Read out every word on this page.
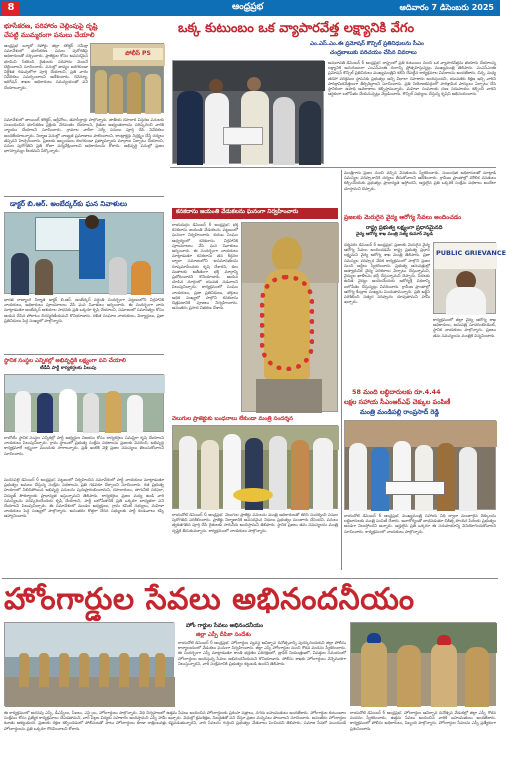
8	ఆంధ్రప్రభ	ఆదివారం 7 డిసెంబరు 2025
భూసేకరణ, పరిహారం చెల్లింపుపై దృష్టి
చేపట్టి ముమ్మరంగా పనులు చేయాలి
ఆంధ్రప్రభ బ్యూరో రిపోర్టు జిల్లా కలెక్టర్ సమీక్షా సమావేశంలో భూసేకరణ పనుల పురోగతిపై అధికారులతో చర్చించారు. ప్రాజెక్టుల కోసం అవసరమైన భూమిని సేకరించి రైతులకు పరిహారం వెంటనే చెల్లించాలని సూచించారు. పనుల్లో జాప్యం జరగకుండా నిర్దేశిత గడువులోగా పూర్తి చేయాలని, ప్రతి వారం నివేదికలు సమర్పించాలని ఆదేశించారు. రెవెన్యూ, ఇరిగేషన్ శాఖల అధికారులు సమన్వయంతో పని చేయాలన్నారు.
పోలీస్ PS
సమావేశంలో జాయింట్ కలెక్టర్, ఆర్డీవోలు, తహసీల్దార్లు పాల్గొన్నారు. జాతీయ రహదారి విస్తరణ పనులకు సంబంధించిన భూసేకరణ ప్రక్రియ వేగవంతం చేయాలని, రైతుల అభ్యంతరాలను పరిష్కరించి వారికి న్యాయం చేయాలని సూచించారు. గ్రామాల వారీగా సర్వే పనులు పూర్తి చేసి నివేదికలు అందజేయాలన్నారు. నిర్మాణ పనుల్లో నాణ్యత ప్రమాణాలు పాటించాలని, కాంట్రాక్టర్లు నిర్లక్ష్యం చేస్తే చర్యలు తప్పవని హెచ్చరించారు. ప్రజలకు ఇబ్బందులు కలగకుండా ప్రత్యామ్నాయ మార్గాలు ఏర్పాటు చేయాలని, పనుల పురోగతిని ప్రతి రోజూ పర్యవేక్షించాలని అధికారులను కోరారు. అభివృద్ధి పనుల్లో ప్రజల భాగస్వామ్యం కీలకమని పేర్కొన్నారు.
డాక్టర్ బి.ఆర్. అంబేద్కర్‌కు ఘన నివాళులు
భారత రాజ్యాంగ నిర్మాత డాక్టర్ బి.ఆర్. అంబేద్కర్ వర్ధంతి సందర్భంగా పట్టణంలోని విగ్రహానికి నాయకులు, అధికారులు పూలమాలలు వేసి ఘన నివాళులు అర్పించారు. ఈ సందర్భంగా వారు మాట్లాడుతూ అంబేద్కర్ ఆశయాల సాధనకు ప్రతి ఒక్కరూ కృషి చేయాలని, సమాజంలో సమానత్వం కోసం ఆయన చేసిన పోరాటం చిరస్మరణీయమని కొనియాడారు. దళిత సంఘాల నాయకులు, విద్యార్థులు, ప్రజా ప్రతినిధులు పెద్ద సంఖ్యలో పాల్గొన్నారు.
స్థానిక సంస్థల ఎన్నికల్లో అభివృద్ధికి లక్ష్యంగా పని చేయాలి
టీడీపీ పార్టీ కార్యకర్తలకు పిలుపు
రాబోయే స్థానిక సంస్థల ఎన్నికల్లో పార్టీ అభ్యర్థుల విజయం కోసం కార్యకర్తలు సమష్టిగా కృషి చేయాలని నాయకులు పిలుపునిచ్చారు. గ్రామ స్థాయిలో ప్రభుత్వ సంక్షేమ పథకాలను ప్రజలకు వివరించి, అభివృద్ధి కార్యక్రమాలే లక్ష్యంగా ముందుకు సాగాలన్నారు. ప్రతి ఇంటికి వెళ్లి ప్రజల సమస్యలు తెలుసుకోవాలని సూచించారు.
ఒక్క కుటుంబం ఒక వ్యాపారవేత్త లక్ష్యానికి వేగం
ఎం.ఎస్.ఎం.ఈ ప్రమోషన్ కౌన్సిల్ ప్రతినిధులను సీఎం
చంద్రబాబుకు పరిచయం చేసిన వివరాలు
అమరావతి డిసెంబర్ 6 ఆంధ్రప్రభ: రాష్ట్రంలో ప్రతి కుటుంబం నుంచి ఒక వ్యాపారవేత్తను తయారు చేయాలన్న లక్ష్యానికి అనుగుణంగా ఎంఎస్ఎంఈ రంగాన్ని ప్రోత్సహిస్తున్నట్లు ముఖ్యమంత్రి తెలిపారు. ఎంఎస్ఎంఈ ప్రమోషన్ కౌన్సిల్ ప్రతినిధులు ముఖ్యమంత్రిని కలిసి చేపట్టిన కార్యక్రమాల వివరాలను అందజేశారు. చిన్న, మధ్య తరహా పరిశ్రమల స్థాపనకు ప్రభుత్వం అన్ని విధాలా సహకారం అందిస్తుందని, యువతకు శిక్షణ ఇచ్చి వారిని పారిశ్రామికవేత్తలుగా తీర్చిదిద్దాలని సూచించారు. ప్రతి నియోజకవర్గంలో పారిశ్రామిక పార్కులు ఏర్పాటు చేసి స్థానికంగా ఉపాధి అవకాశాలు కల్పిస్తామన్నారు. మహిళా సంఘాలకు రుణ సదుపాయం కల్పించి వారిని ఆర్థికంగా బలోపేతం చేయనున్నట్లు వెల్లడించారు. కౌన్సిల్ సభ్యులు చేస్తున్న కృషిని అభినందించారు.
కనకదాసు జయంతి వేడుకలను ఘనంగా నిర్వహించారు
రాయదుర్గం డిసెంబర్ 6 ఆంధ్రప్రభ: భక్త కనకదాసు జయంతి వేడుకలను పట్టణంలో ఘనంగా నిర్వహించారు. కురుబ సంఘం ఆధ్వర్యంలో కనకదాసు విగ్రహానికి పూలమాలలు వేసి ఘన నివాళులు అర్పించారు. ఈ సందర్భంగా నాయకులు మాట్లాడుతూ కనకదాసు తన కీర్తనల ద్వారా సమాజంలోని అసమానతలను రూపుమాపేందుకు కృషి చేశారని, కుల మతాలకు అతీతంగా భక్తి మార్గాన్ని ప్రబోధించారని కొనియాడారు. ఆయన చూపిన మార్గంలో యువత నడవాలని పిలుపునిచ్చారు. కార్యక్రమంలో సంఘం నాయకులు, ప్రజా ప్రతినిధులు, భక్తులు అధిక సంఖ్యలో పాల్గొని కనకదాసు చిత్రపటానికి పూజలు నిర్వహించారు. అనంతరం ప్రసాద వితరణ చేశారు.
వెలుగుల ప్రాజెక్టుకు బంధనాలు లేకుండా మంత్రి సందర్శన
రాయచోటి డిసెంబర్ 6 ఆంధ్రప్రభ: వెలుగుల ప్రాజెక్టు పనులను మంత్రి అధికారులతో కలిసి సందర్శించి పనుల పురోగతిని పరిశీలించారు. ప్రాజెక్టు నిర్మాణానికి అవసరమైన నిధులు ప్రభుత్వం మంజూరు చేసిందని, పనులు త్వరితగతిన పూర్తి చేసి రైతులకు సాగునీరు అందిస్తామని తెలిపారు. స్థానిక ప్రజలు తమ సమస్యలను మంత్రి దృష్టికి తీసుకువచ్చారు. కార్యక్రమంలో నాయకులు పాల్గొన్నారు.
మంత్రిగారు ప్రజల నుంచి వచ్చిన వినతులను స్వీకరించారు. సంబంధిత అధికారులతో మాట్లాడి సమస్యల పరిష్కారానికి చర్యలు తీసుకోవాలని ఆదేశించారు. గ్రామీణ ప్రాంతాల్లో మౌలిక వసతులు కల్పించేందుకు ప్రభుత్వం ప్రాధాన్యత ఇస్తోందని, అర్హులైన ప్రతి ఒక్కరికీ సంక్షేమ పథకాలు అందేలా చూస్తామని చెప్పారు.
ప్రజలకు మెరుగైన వైద్య ఆరోగ్య సేవలు అందించడం
రాష్ట్ర ప్రభుత్వ లక్ష్యంగా ప్రధానమైనది
వైద్య ఆరోగ్య శాఖ మంత్రి సత్య కుమార్ వెల్లడి
ధర్మవరం డిసెంబర్ 6 ఆంధ్రప్రభ: ప్రజలకు మెరుగైన వైద్య ఆరోగ్య సేవలు అందించడమే రాష్ట్ర ప్రభుత్వ ప్రధాన లక్ష్యమని వైద్య ఆరోగ్య శాఖ మంత్రి తెలిపారు. ప్రజా సమస్యల పరిష్కార వేదిక కార్యక్రమంలో పాల్గొని ప్రజల నుంచి అర్జీలు స్వీకరించారు. ప్రభుత్వ ఆసుపత్రుల్లో అత్యాధునిక వైద్య పరికరాలు ఏర్పాటు చేస్తున్నామని, వైద్యుల ఖాళీలను భర్తీ చేస్తున్నామని చెప్పారు. పేదలకు ఉచిత వైద్యం అందించేందుకు ఆరోగ్యశ్రీ పథకాన్ని బలోపేతం చేస్తున్నట్లు వివరించారు. గ్రామీణ ప్రాంతాల్లో ఆరోగ్య కేంద్రాల సంఖ్యను పెంచుతామన్నారు. ప్రతి అర్జీని పరిశీలించి సత్వర పరిష్కారం చూపుతామని హామీ ఇచ్చారు.
PUBLIC GRIEVANCE
కార్యక్రమంలో జిల్లా వైద్య ఆరోగ్య శాఖ అధికారులు, ఆసుపత్రి సూపరింటెండెంట్, స్థానిక నాయకులు పాల్గొన్నారు. ప్రజలు తమ సమస్యలను మంత్రికి విన్నవించారు.
58 మంది లబ్ధిదారులకు రూ.4.44
లక్షల సహాయ సీఎంఆర్ఎఫ్ చెక్కుల పంపిణీ
మంత్రి మండిపల్లి రాంప్రసాద్ రెడ్డి
రాయచోటి డిసెంబర్ 6 ఆంధ్రప్రభ: ముఖ్యమంత్రి సహాయ నిధి ద్వారా మంజూరైన చెక్కులను లబ్ధిదారులకు మంత్రి పంపిణీ చేశారు. అనారోగ్యంతో బాధపడుతూ చికిత్స పొందిన పేదలకు ప్రభుత్వం అండగా నిలుస్తోందని అన్నారు. అర్హులైన ప్రతి ఒక్కరూ ఈ సదుపాయాన్ని వినియోగించుకోవాలని సూచించారు. కార్యక్రమంలో నాయకులు పాల్గొన్నారు.
మదనపల్లె డిసెంబర్ 6 ఆంధ్రప్రభ: పట్టణంలో నిర్వహించిన సమావేశంలో పార్టీ నాయకులు మాట్లాడుతూ ప్రభుత్వం అమలు చేస్తున్న సంక్షేమ పథకాలను ప్రతి గడపకూ చేర్చాలని సూచించారు. గత ప్రభుత్వ హయాంలో నిలిచిపోయిన అభివృద్ధి పనులను పునఃప్రారంభించామని, రహదారులు, తాగునీటి సరఫరా, విద్యుత్ సౌకర్యాలకు ప్రాధాన్యత ఇస్తున్నామని తెలిపారు. కార్యకర్తలు ప్రజల మధ్య ఉండి వారి సమస్యలను పరిష్కరించేందుకు కృషి చేయాలని, పార్టీ బలోపేతానికి ప్రతి ఒక్కరూ బాధ్యతగా పని చేయాలని పిలుపునిచ్చారు. ఈ సమావేశంలో మండల అధ్యక్షులు, గ్రామ కమిటీ సభ్యులు, మహిళా నాయకులు పెద్ద సంఖ్యలో పాల్గొన్నారు. అనంతరం కొత్తగా చేరిన సభ్యులకు పార్టీ కండువాలు కప్పి ఆహ్వానించారు.
హోంగార్డుల సేవలు అభినందనీయం
హోం గార్డుల సేవలు అభినందనీయం
జిల్లా ఎస్పీ దీపికా సందేశం
రాయచోటి డిసెంబర్ 6 ఆంధ్రప్రభ: హోంగార్డుల వ్యవస్థ ఆవిర్భావ దినోత్సవాన్ని పురస్కరించుకుని జిల్లా పోలీసు కార్యాలయంలో వేడుకలు ఘనంగా నిర్వహించారు. జిల్లా ఎస్పీ హోంగార్డుల నుంచి గౌరవ వందనం స్వీకరించారు. ఈ సందర్భంగా ఎస్పీ మాట్లాడుతూ శాంతి భద్రతల పరిరక్షణలో, ట్రాఫిక్ నియంత్రణలో, విపత్తుల సమయంలో హోంగార్డులు అందిస్తున్న సేవలు అభినందనీయమని కొనియాడారు. పోలీసు శాఖకు హోంగార్డులు వెన్నెముకగా నిలుస్తున్నారని, వారి సంక్షేమానికి ప్రభుత్వం కట్టుబడి ఉందని తెలిపారు.
ఈ కార్యక్రమంలో అదనపు ఎస్పీ, డీఎస్పీలు, సీఐలు, ఎస్సైలు, హోంగార్డులు పాల్గొన్నారు. విధి నిర్వహణలో ఉత్తమ సేవలు అందించిన హోంగార్డులకు ప్రశంసా పత్రాలు, నగదు బహుమతులు అందజేశారు. హోంగార్డుల కుటుంబాల సంక్షేమం కోసం ప్రత్యేక కార్యక్రమాలు చేపడతామని, వారి పిల్లల విద్యకు సహకారం అందిస్తామని ఎస్పీ హామీ ఇచ్చారు. విధుల్లో క్రమశిక్షణ, నిబద్ధతతో పని చేస్తూ ప్రజల మన్ననలు పొందాలని సూచించారు. అనంతరం హోంగార్డుల కవాతు ఆకట్టుకుంది. ప్రజలకు రక్షణ కల్పించడంలో పోలీసులతో పాటు హోంగార్డులు కూడా రాత్రింబవళ్లు కష్టపడుతున్నారని, వారి సేవలను గుర్తించి ప్రభుత్వం వేతనాలు పెంచిందని తెలిపారు. సమాజ సేవలో ముందుండే హోంగార్డులను ప్రతి ఒక్కరూ గౌరవించాలని కోరారు.
రాయచోటి డిసెంబర్ 6 ఆంధ్రప్రభ: హోంగార్డుల ఆవిర్భావ దినోత్సవ వేడుకల్లో జిల్లా ఎస్పీ గౌరవ వందనం స్వీకరించారు. ఉత్తమ సేవలు అందించిన వారికి బహుమతులు అందజేశారు. కార్యక్రమంలో పోలీసు అధికారులు, సిబ్బంది పాల్గొన్నారు. హోంగార్డుల సేవలను ఎస్పీ ప్రత్యేకంగా ప్రశంసించారు.
